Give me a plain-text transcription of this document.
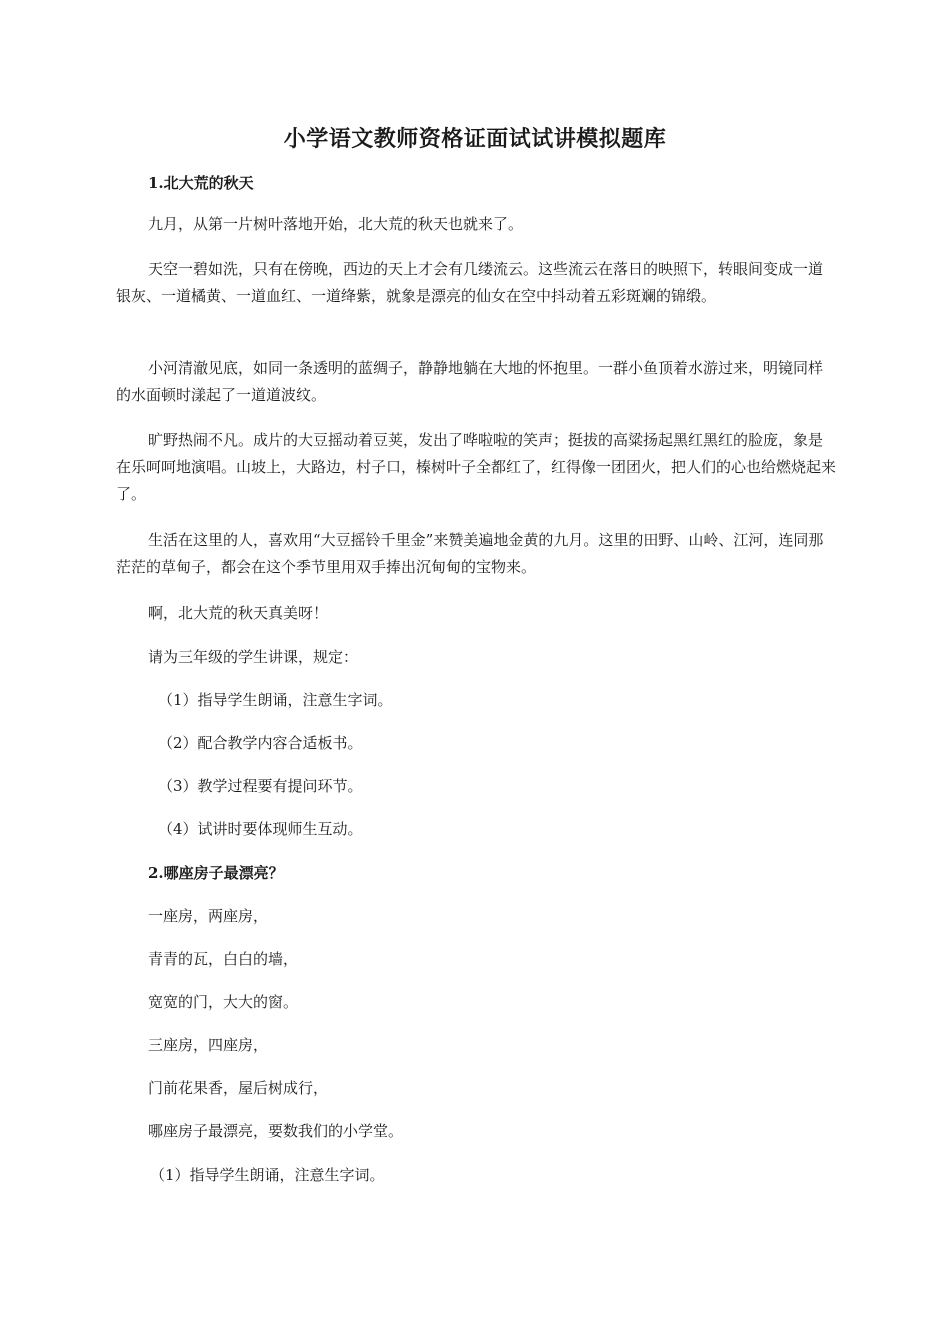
小学语文教师资格证面试试讲模拟题库
1.北大荒的秋天
九月，从第一片树叶落地开始，北大荒的秋天也就来了。
天空一碧如洗，只有在傍晚，西边的天上才会有几缕流云。这些流云在落日的映照下，转眼间变成一道银灰、一道橘黄、一道血红、一道绛紫，就象是漂亮的仙女在空中抖动着五彩斑斓的锦缎。
小河清澈见底，如同一条透明的蓝绸子，静静地躺在大地的怀抱里。一群小鱼顶着水游过来，明镜同样的水面顿时漾起了一道道波纹。
旷野热闹不凡。成片的大豆摇动着豆荚，发出了哗啦啦的笑声；挺拔的高粱扬起黑红黑红的脸庞，象是在乐呵呵地演唱。山坡上，大路边，村子口，榛树叶子全都红了，红得像一团团火，把人们的心也给燃烧起来了。
生活在这里的人，喜欢用“大豆摇铃千里金”来赞美遍地金黄的九月。这里的田野、山岭、江河，连同那茫茫的草甸子，都会在这个季节里用双手捧出沉甸甸的宝物来。
啊，北大荒的秋天真美呀！
请为三年级的学生讲课，规定：
（1）指导学生朗诵，注意生字词。
（2）配合教学内容合适板书。
（3）教学过程要有提问环节。
（4）试讲时要体现师生互动。
2.哪座房子最漂亮？
一座房，两座房，
青青的瓦，白白的墙，
宽宽的门，大大的窗。
三座房，四座房，
门前花果香，屋后树成行，
哪座房子最漂亮，要数我们的小学堂。
（1）指导学生朗诵，注意生字词。
